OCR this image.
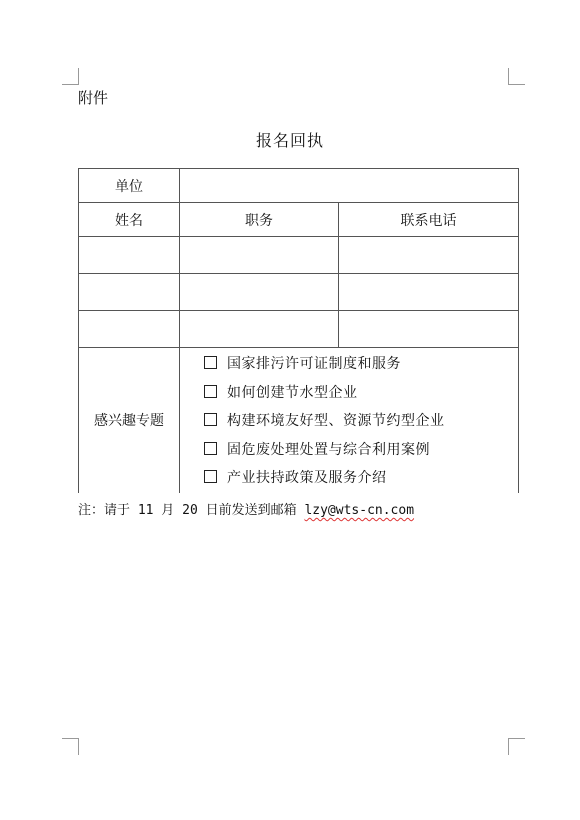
附件
报名回执
单位		
姓名	职务	联系电话

感兴趣专题	国家排污许可证制度和服务
如何创建节水型企业
构建环境友好型、资源节约型企业
固危废处理处置与综合利用案例
产业扶持政策及服务介绍	
注：请于 11 月 20 日前发送到邮箱 lzy@wts-cn.com
